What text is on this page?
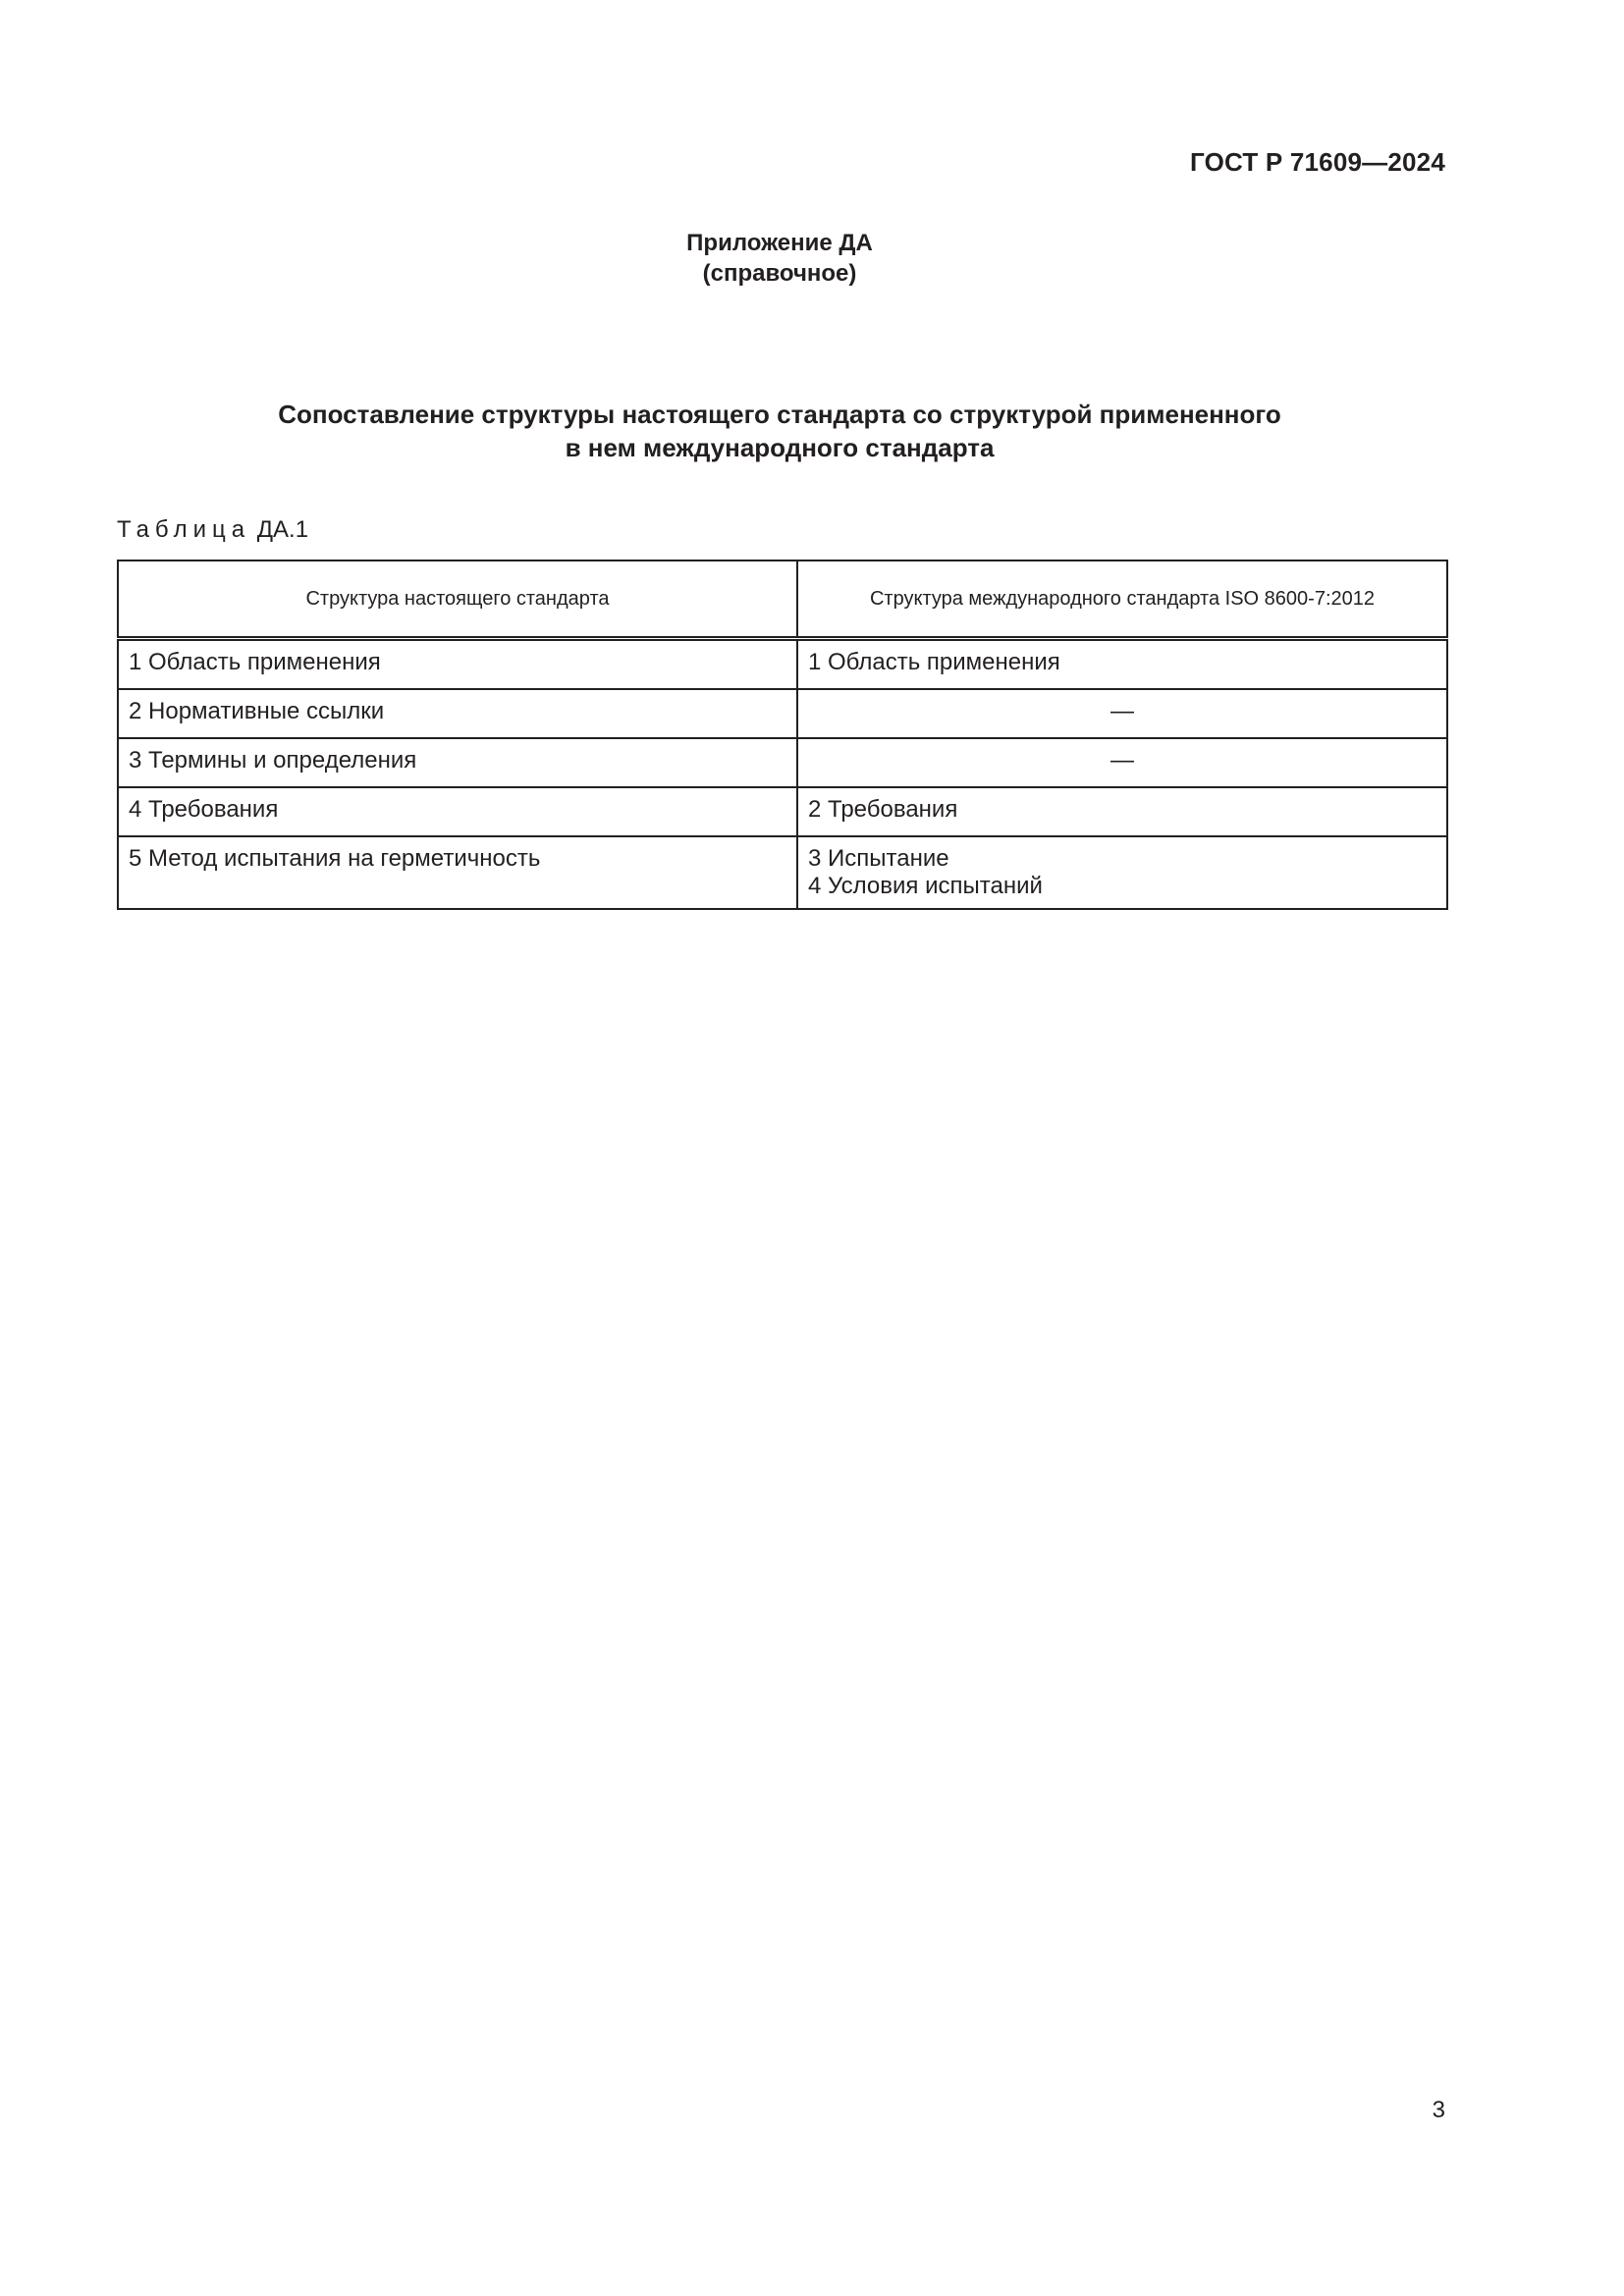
ГОСТ Р 71609—2024
Приложение ДА
(справочное)
Сопоставление структуры настоящего стандарта со структурой примененного
в нем международного стандарта
Таблица ДА.1
Структура настоящего стандарта	Структура международного стандарта ISO 8600-7:2012
1 Область применения	1 Область применения

2 Нормативные ссылки	—

3 Термины и определения	—

4 Требования	2 Требования

5 Метод испытания на герметичность	3 Испытание
4 Условия испытаний
3
